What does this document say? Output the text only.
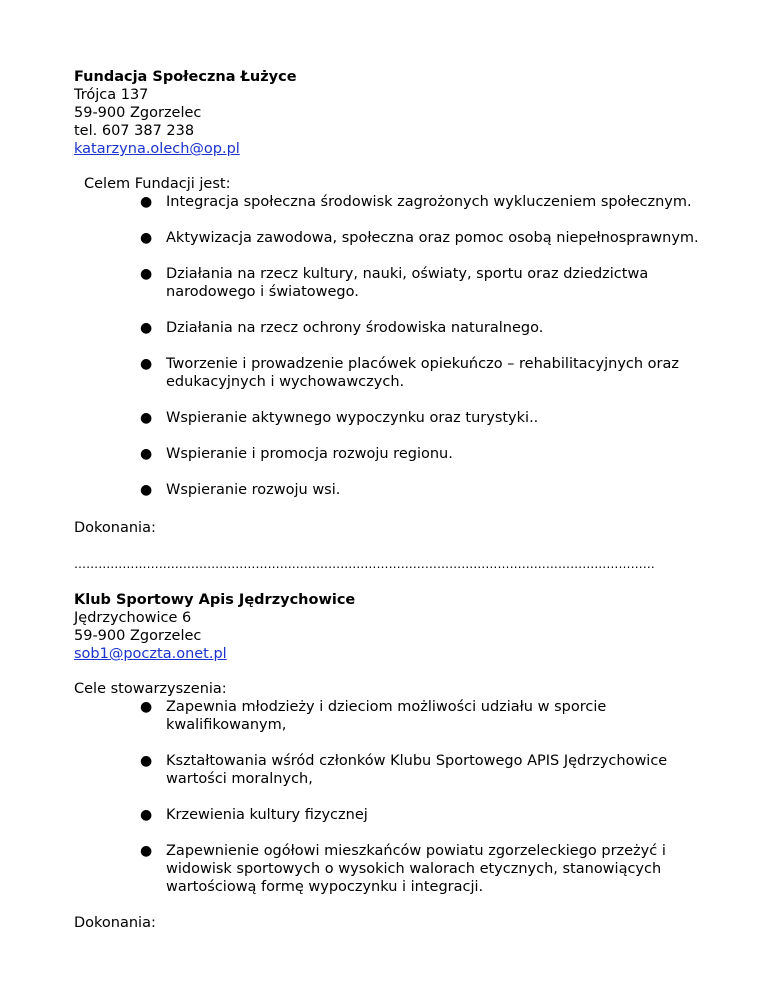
Fundacja Społeczna Łużyce

Trójca 137

59-900 Zgorzelec

tel. 607 387 238

katarzyna.olech@op.pl

Celem Fundacji jest:

● Integracja społeczna środowisk zagrożonych wykluczeniem społecznym.
● Aktywizacja zawodowa, społeczna oraz pomoc osobą niepełnosprawnym.
● Działania na rzecz kultury, nauki, oświaty, sportu oraz dziedzictwa narodowego i światowego.
● Działania na rzecz ochrony środowiska naturalnego.
● Tworzenie i prowadzenie placówek opiekuńczo – rehabilitacyjnych oraz edukacyjnych i wychowawczych.
● Wspieranie aktywnego wypoczynku oraz turystyki..
● Wspieranie i promocja rozwoju regionu.
● Wspieranie rozwoju wsi.

Dokonania:

………………………………………………………………………………………………………………………………

Klub Sportowy Apis Jędrzychowice

Jędrzychowice 6

59-900 Zgorzelec

sob1@poczta.onet.pl

Cele stowarzyszenia:

● Zapewnia młodzieży i dzieciom możliwości udziału w sporcie kwalifikowanym,
● Kształtowania wśród członków Klubu Sportowego APIS Jędrzychowice wartości moralnych,
● Krzewienia kultury fizycznej
● Zapewnienie ogółowi mieszkańców powiatu zgorzeleckiego przeżyć i widowisk sportowych o wysokich walorach etycznych, stanowiących wartościową formę wypoczynku i integracji.

Dokonania:
